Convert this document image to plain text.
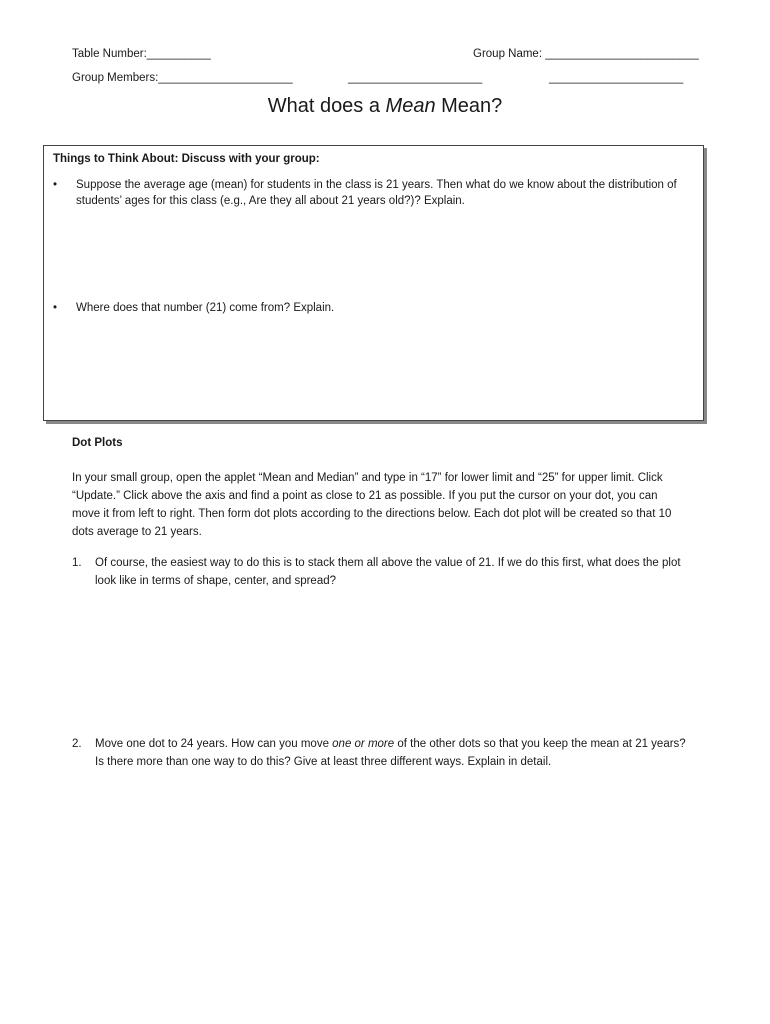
Table Number:__________	Group Name: ________________________
Group Members:_____________________	_____________________	_____________________
What does a Mean Mean?
Things to Think About: Discuss with your group:
•	Suppose the average age (mean) for students in the class is 21 years. Then what do we know about the distribution of
students’ ages for this class (e.g., Are they all about 21 years old?)? Explain.
•	Where does that number (21) come from? Explain.
Dot Plots
In your small group, open the applet “Mean and Median” and type in “17” for lower limit and “25” for upper limit. Click
“Update.” Click above the axis and find a point as close to 21 as possible. If you put the cursor on your dot, you can
move it from left to right. Then form dot plots according to the directions below. Each dot plot will be created so that 10
dots average to 21 years.
1. Of course, the easiest way to do this is to stack them all above the value of 21. If we do this first, what does the plot
look like in terms of shape, center, and spread?
2. Move one dot to 24 years. How can you move one or more of the other dots so that you keep the mean at 21 years?
Is there more than one way to do this? Give at least three different ways. Explain in detail.
